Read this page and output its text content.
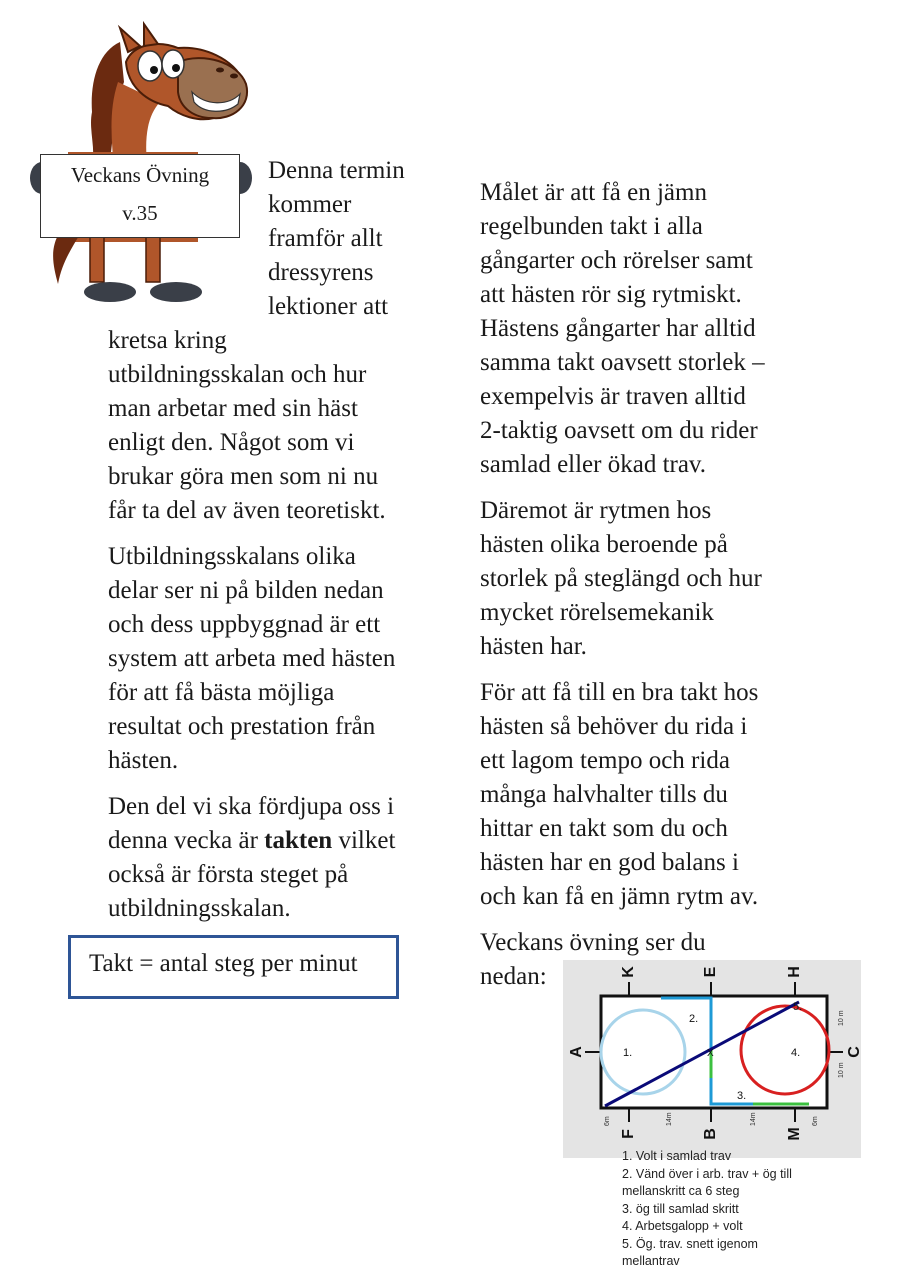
Veckans Övning
v.35
Denna termin
kommer
framför allt
dressyrens
lektioner att
kretsa kring
utbildningsskalan och hur
man arbetar med sin häst
enligt den. Något som vi
brukar göra men som ni nu
får ta del av även teoretiskt.
Utbildningsskalans olika
delar ser ni på bilden nedan
och dess uppbyggnad är ett
system att arbeta med hästen
för att få bästa möjliga
resultat och prestation från
hästen.
Den del vi ska fördjupa oss i
denna vecka är takten vilket
också är första steget på
utbildningsskalan.
Takt = antal steg per minut
Målet är att få en jämn
regelbunden takt i alla
gångarter och rörelser samt
att hästen rör sig rytmiskt.
Hästens gångarter har alltid
samma takt oavsett storlek –
exempelvis är traven alltid
2-taktig oavsett om du rider
samlad eller ökad trav.
Däremot är rytmen hos
hästen olika beroende på
storlek på steglängd och hur
mycket rörelsemekanik
hästen har.
För att få till en bra takt hos
hästen så behöver du rida i
ett lagom tempo och rida
många halvhalter tills du
hittar en takt som du och
hästen har en god balans i
och kan få en jämn rytm av.
Veckans övning ser du
nedan:	K	E	H
F	B	M
A	C
1.
2.
3.
4.
5.
X
6m	14m	14m	6m
10 m
10 m
1. Volt i samlad trav
2. Vänd över i arb. trav + ög till
mellanskritt ca 6 steg
3. ög till samlad skritt
4. Arbetsgalopp + volt
5. Ög. trav. snett igenom
mellantrav
